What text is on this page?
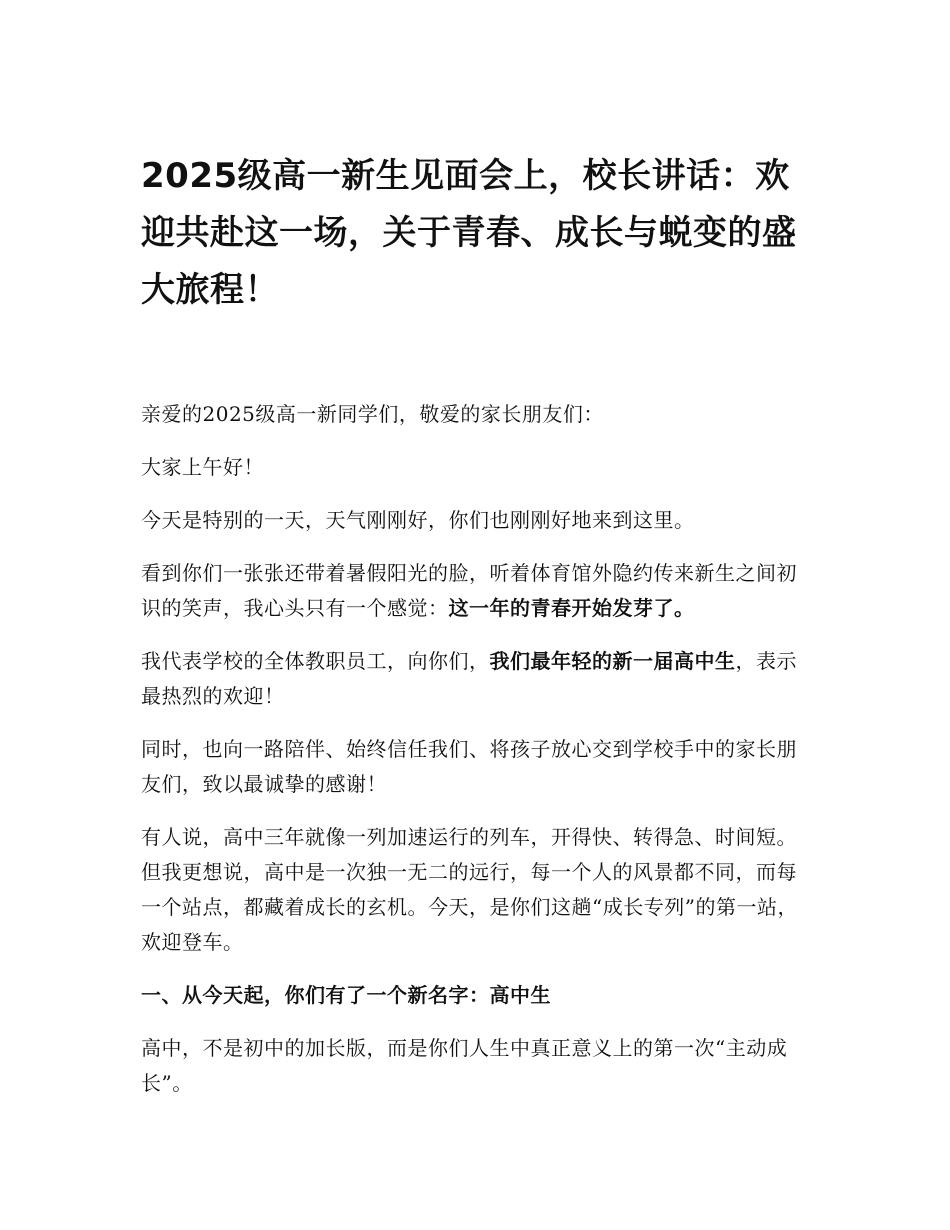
2025级高一新生见面会上，校长讲话：欢迎共赴这一场，关于青春、成长与蜕变的盛大旅程！

亲爱的2025级高一新同学们，敬爱的家长朋友们：

大家上午好！

今天是特别的一天，天气刚刚好，你们也刚刚好地来到这里。

看到你们一张张还带着暑假阳光的脸，听着体育馆外隐约传来新生之间初识的笑声，我心头只有一个感觉：这一年的青春开始发芽了。

我代表学校的全体教职员工，向你们，我们最年轻的新一届高中生，表示最热烈的欢迎！

同时，也向一路陪伴、始终信任我们、将孩子放心交到学校手中的家长朋友们，致以最诚挚的感谢！

有人说，高中三年就像一列加速运行的列车，开得快、转得急、时间短。但我更想说，高中是一次独一无二的远行，每一个人的风景都不同，而每一个站点，都藏着成长的玄机。今天，是你们这趟“成长专列”的第一站，欢迎登车。

一、从今天起，你们有了一个新名字：高中生

高中，不是初中的加长版，而是你们人生中真正意义上的第一次“主动成长”。
